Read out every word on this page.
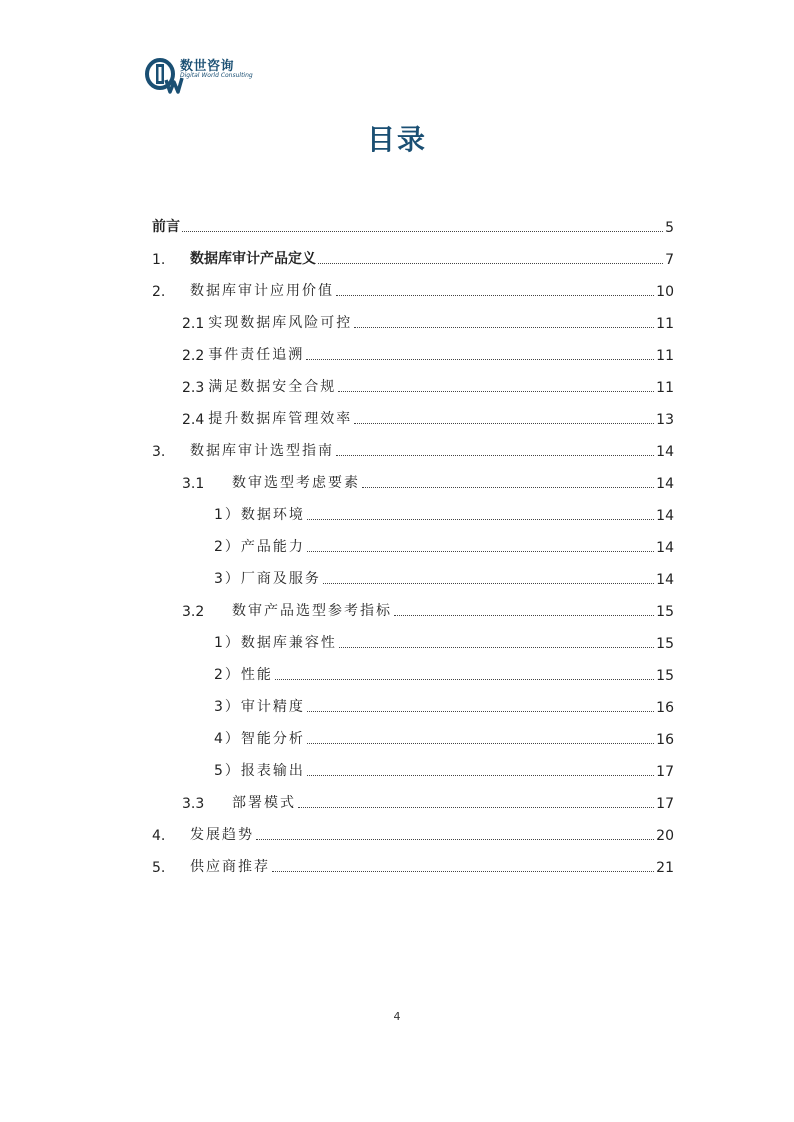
数世咨询
Digital World Consulting
目录
前言	5
1.	数据库审计产品定义	7
2.	数据库审计应用价值	10
2.1 实现数据库风险可控	11
2.2 事件责任追溯	11
2.3 满足数据安全合规	11
2.4 提升数据库管理效率	13
3.	数据库审计选型指南	14
3.1	数审选型考虑要素	14
1）数据环境	14
2）产品能力	14
3）厂商及服务	14
3.2	数审产品选型参考指标	15
1）数据库兼容性	15
2）性能	15
3）审计精度	16
4）智能分析	16
5）报表输出	17
3.3	部署模式	17
4.	发展趋势	20
5.	供应商推荐	21
4
